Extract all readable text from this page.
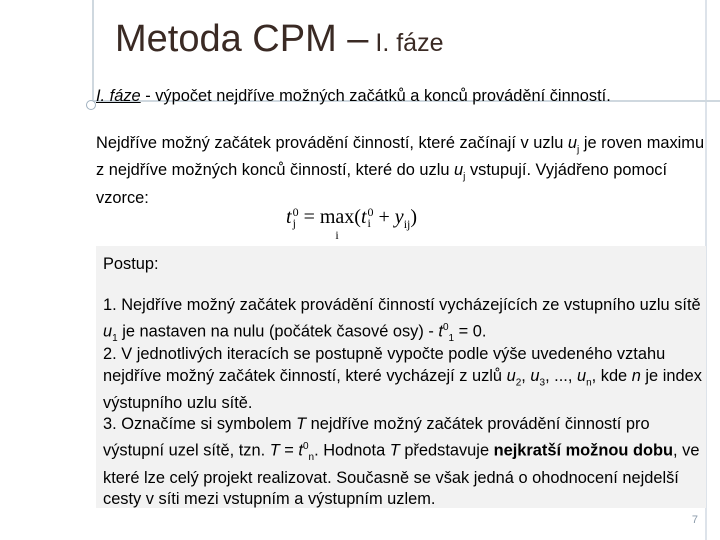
Metoda CPM – I. fáze
I. fáze - výpočet nejdříve možných začátků a konců provádění činností.
Nejdříve možný začátek provádění činností, které začínají v uzlu $u_j$ je roven maximu z nejdříve možných konců činností, které do uzlu $u_j$ vstupují. Vyjádřeno pomocí vzorce:
t 0
j = max
i
(t 0
$i + y_{ij}$)

Postup:

1. Nejdříve možný začátek provádění činností vycházejících ze vstupního uzlu sítě $u_1$ je nastaven na nulu (počátek časové $osy) - t^0_1 = 0$.

2. V jednotlivých iteracích se postupně vypočte podle výše uvedeného vztahu nejdříve možný začátek činností, které vycházejí z uzlů $u_2$, $u_3$, ..., $u_n$, kde n je index výstupního uzlu sítě.

3. Označíme si symbolem T nejdříve možný začátek provádění činností pro výstupní uzel sítě, tzn. $T = t^0_n$. Hodnota T představuje nejkratší možnou dobu, ve které lze celý projekt realizovat. Současně se však jedná o ohodnocení nejdelší cesty v síti mezi vstupním a výstupním uzlem.

7
